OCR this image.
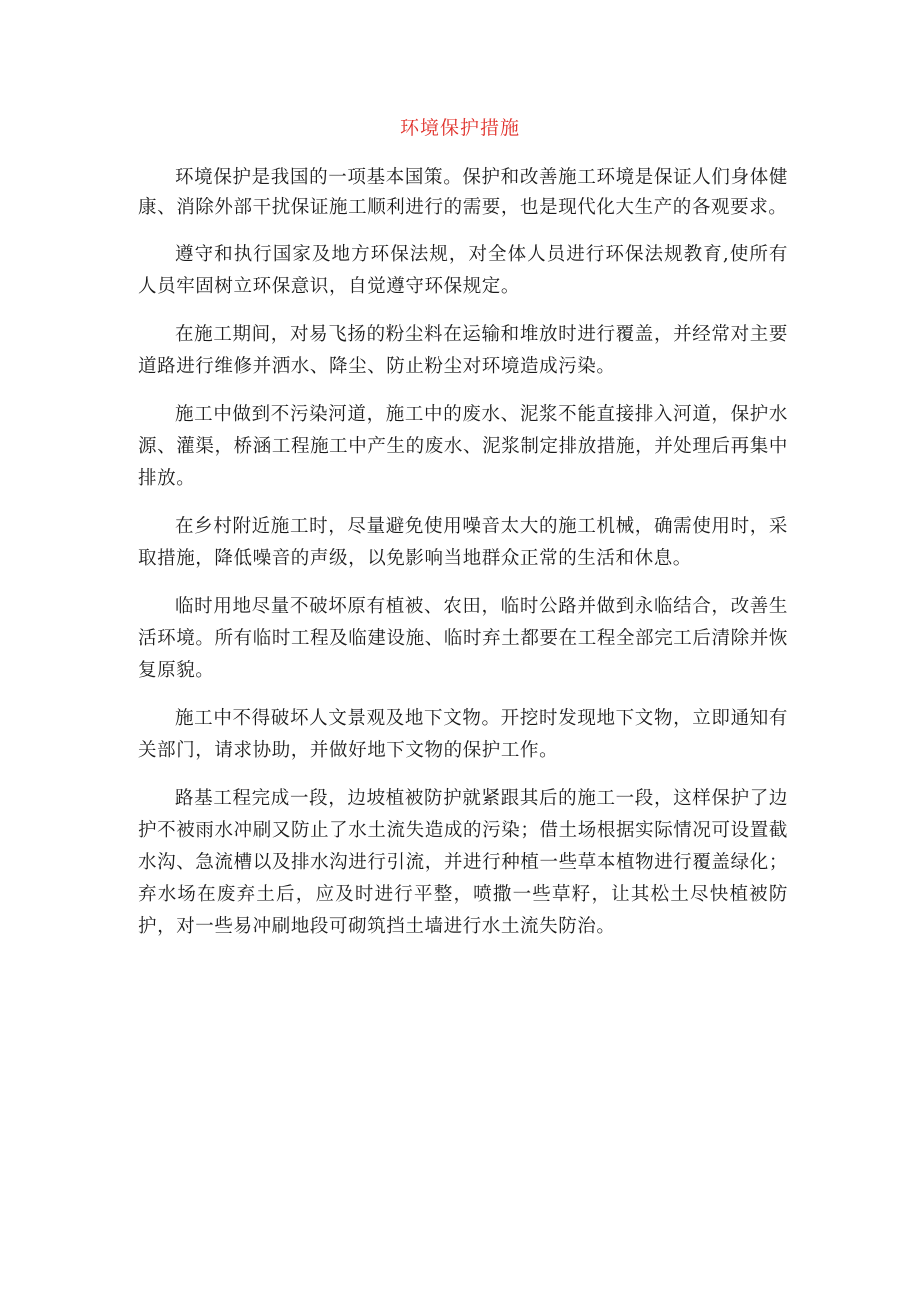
环境保护措施

环境保护是我国的一项基本国策。保护和改善施工环境是保证人们身体健康、消除外部干扰保证施工顺利进行的需要，也是现代化大生产的各观要求。

遵守和执行国家及地方环保法规，对全体人员进行环保法规教育,使所有人员牢固树立环保意识，自觉遵守环保规定。

在施工期间，对易飞扬的粉尘料在运输和堆放时进行覆盖，并经常对主要道路进行维修并洒水、降尘、防止粉尘对环境造成污染。

施工中做到不污染河道，施工中的废水、泥浆不能直接排入河道，保护水源、灌渠，桥涵工程施工中产生的废水、泥浆制定排放措施，并处理后再集中排放。

在乡村附近施工时，尽量避免使用噪音太大的施工机械，确需使用时，采取措施，降低噪音的声级，以免影响当地群众正常的生活和休息。

临时用地尽量不破坏原有植被、农田，临时公路并做到永临结合，改善生活环境。所有临时工程及临建设施、临时弃土都要在工程全部完工后清除并恢复原貌。

施工中不得破坏人文景观及地下文物。开挖时发现地下文物，立即通知有关部门，请求协助，并做好地下文物的保护工作。

路基工程完成一段，边坡植被防护就紧跟其后的施工一段，这样保护了边护不被雨水冲刷又防止了水土流失造成的污染；借土场根据实际情况可设置截水沟、急流槽以及排水沟进行引流，并进行种植一些草本植物进行覆盖绿化；弃水场在废弃土后，应及时进行平整，喷撒一些草籽，让其松土尽快植被防护，对一些易冲刷地段可砌筑挡土墙进行水土流失防治。
